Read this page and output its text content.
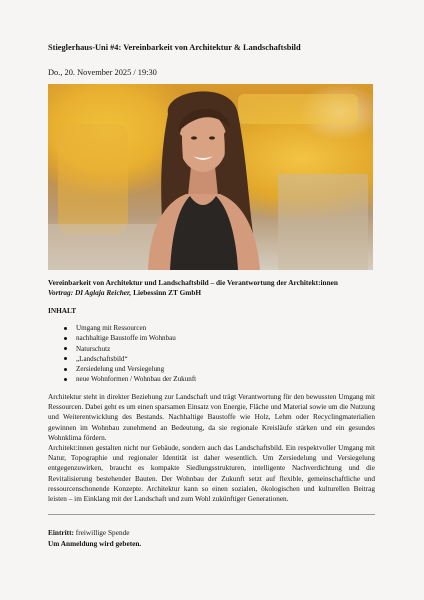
Stieglerhaus-Uni #4: Vereinbarkeit von Architektur & Landschaftsbild
Do., 20. November 2025 / 19:30
Vereinbarkeit von Architektur und Landschaftsbild – die Verantwortung der Architekt:innen
Vortrag: DI Aglaja Reicher, Liebessinn ZT GmbH
INHALT
Umgang mit Ressourcen
nachhaltige Baustoffe im Wohnbau
Naturschutz
„Landschaftsbild“
Zersiedelung und Versiegelung
neue Wohnformen / Wohnbau der Zukunft

Architektur steht in direkter Beziehung zur Landschaft und trägt Verantwortung für den bewussten Umgang mit Ressourcen. Dabei geht es um einen sparsamen Einsatz von Energie, Fläche und Material sowie um die Nutzung und Weiterentwicklung des Bestands. Nachhaltige Baustoffe wie Holz, Lehm oder Recyclingmaterialien gewinnen im Wohnbau zunehmend an Bedeutung, da sie regionale Kreisläufe stärken und ein gesundes Wohnklima fördern.

Architekt:innen gestalten nicht nur Gebäude, sondern auch das Landschaftsbild. Ein respektvoller Umgang mit Natur, Topographie und regionaler Identität ist daher wesentlich. Um Zersiedelung und Versiegelung entgegenzuwirken, braucht es kompakte Siedlungsstrukturen, intelligente Nachverdichtung und die Revitalisierung bestehender Bauten. Der Wohnbau der Zukunft setzt auf flexible, gemeinschaftliche und ressourcenschonende Konzepte. Architektur kann so einen sozialen, ökologischen und kulturellen Beitrag leisten – im Einklang mit der Landschaft und zum Wohl zukünftiger Generationen.

Eintritt: freiwillige Spende
Um Anmeldung wird gebeten.
